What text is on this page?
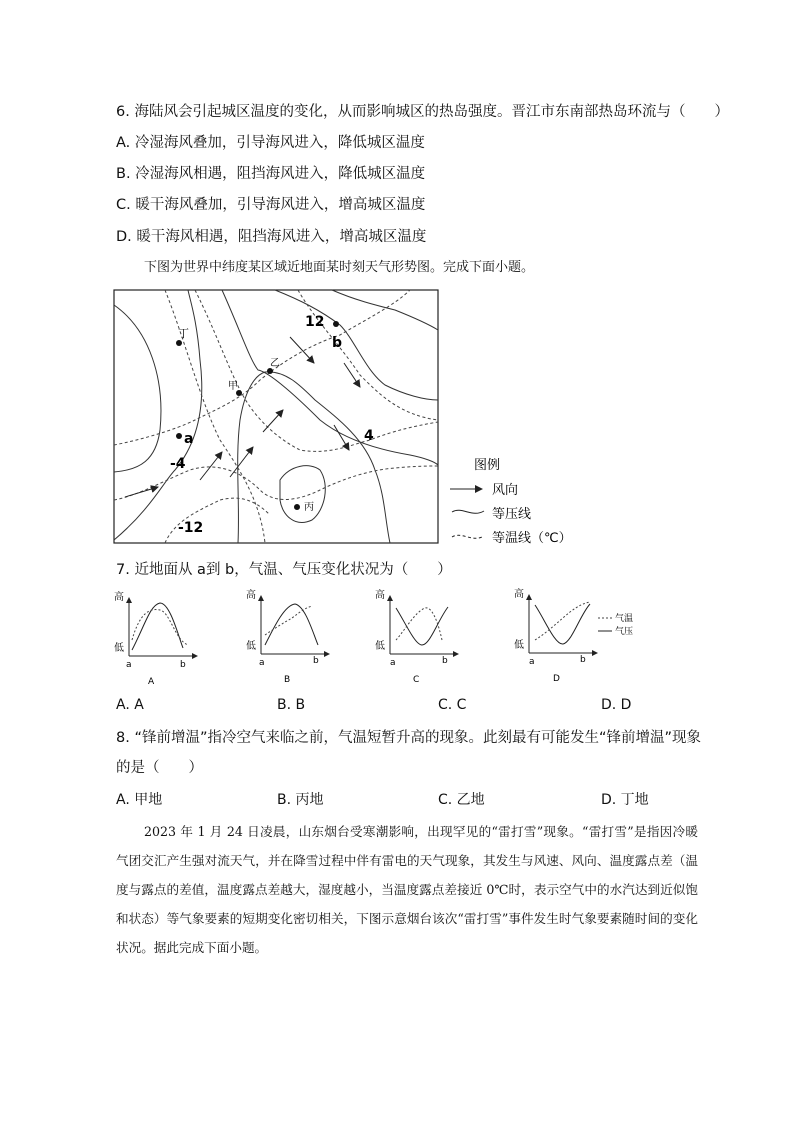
6. 海陆风会引起城区温度的变化，从而影响城区的热岛强度。晋江市东南部热岛环流与（　　）
A. 冷湿海风叠加，引导海风进入，降低城区温度
B. 冷湿海风相遇，阻挡海风进入，降低城区温度
C. 暖干海风叠加，引导海风进入，增高城区温度
D. 暖干海风相遇，阻挡海风进入，增高城区温度
下图为世界中纬度某区域近地面某时刻天气形势图。完成下面小题。
丁
甲
乙
丙
a
b
12
4
-4
-12
图例
风向
等压线
等温线（℃）
7. 近地面从 a到 b，气温、气压变化状况为（　　）
高
低
a	b
A
高
低
a	b
B
高
低
a	b
C
高
低
a	b
D
气温
气压
A. A	B. B	C. C	D. D
8. “锋前增温”指冷空气来临之前，气温短暂升高的现象。此刻最有可能发生“锋前增温”现象
的是（　　）
A. 甲地	B. 丙地	C. 乙地	D. 丁地
2023 年 1 月 24 日凌晨，山东烟台受寒潮影响，出现罕见的“雷打雪”现象。“雷打雪”是指因冷暖气团交汇产生强对流天气，并在降雪过程中伴有雷电的天气现象，其发生与风速、风向、温度露点差（温度与露点的差值，温度露点差越大，湿度越小，当温度露点差接近 0℃时，表示空气中的水汽达到近似饱和状态）等气象要素的短期变化密切相关，下图示意烟台该次“雷打雪”事件发生时气象要素随时间的变化状况。据此完成下面小题。
